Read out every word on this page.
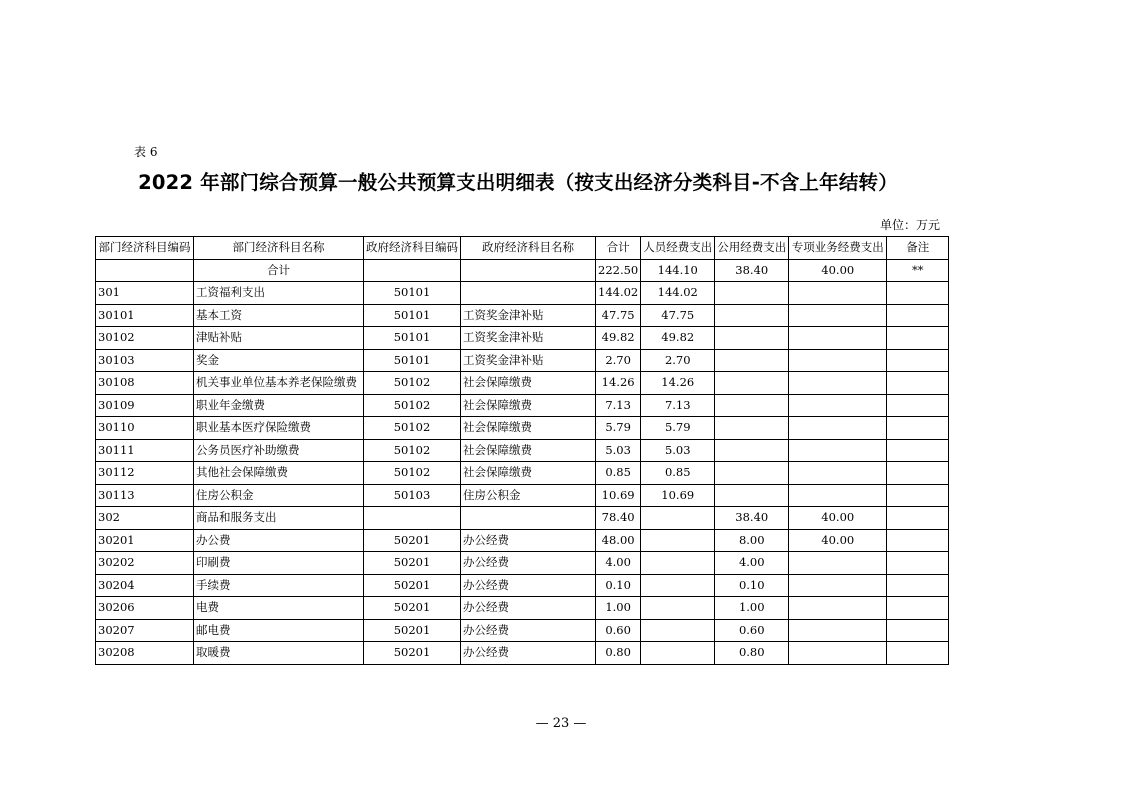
表 6
2022 年部门综合预算一般公共预算支出明细表（按支出经济分类科目-不含上年结转）
单位：万元
部门经济科目编码	部门经济科目名称	政府经济科目编码	政府经济科目名称	合计	人员经费支出	公用经费支出	专项业务经费支出	备注
	合计			222.50	144.10	38.40	40.00	**
301	工资福利支出	50101		144.02	144.02			
30101	基本工资	50101	工资奖金津补贴	47.75	47.75			
30102	津贴补贴	50101	工资奖金津补贴	49.82	49.82			
30103	奖金	50101	工资奖金津补贴	2.70	2.70			
30108	机关事业单位基本养老保险缴费	50102	社会保障缴费	14.26	14.26			
30109	职业年金缴费	50102	社会保障缴费	7.13	7.13			
30110	职业基本医疗保险缴费	50102	社会保障缴费	5.79	5.79			
30111	公务员医疗补助缴费	50102	社会保障缴费	5.03	5.03			
30112	其他社会保障缴费	50102	社会保障缴费	0.85	0.85			
30113	住房公积金	50103	住房公积金	10.69	10.69			
302	商品和服务支出			78.40		38.40	40.00	
30201	办公费	50201	办公经费	48.00		8.00	40.00	
30202	印刷费	50201	办公经费	4.00		4.00		
30204	手续费	50201	办公经费	0.10		0.10		
30206	电费	50201	办公经费	1.00		1.00		
30207	邮电费	50201	办公经费	0.60		0.60		
30208	取暖费	50201	办公经费	0.80		0.80		
— 23 —
